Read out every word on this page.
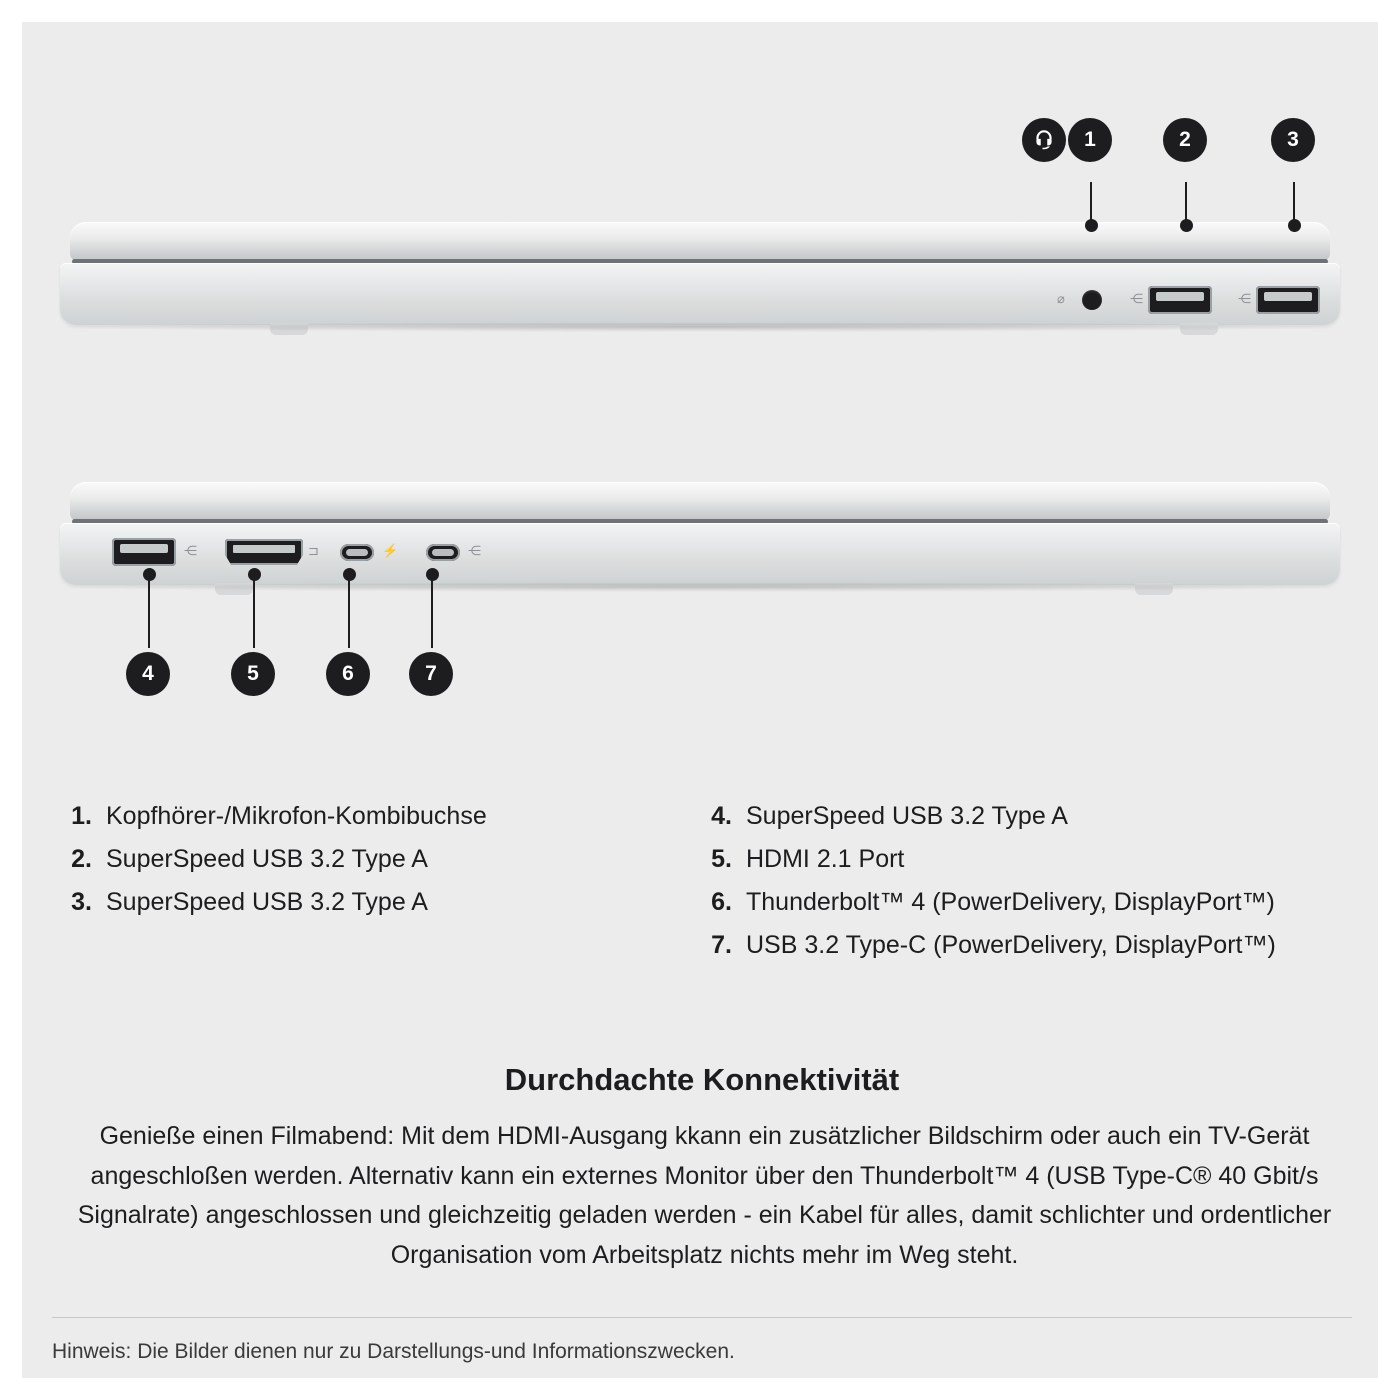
⌀	⋲	⋲
1	2	3
⋲	⊐	⚡	⋲
4	5	6	7
1. Kopfhörer-/Mikrofon-Kombibuchse
2. SuperSpeed USB 3.2 Type A
3. SuperSpeed USB 3.2 Type A
4. SuperSpeed USB 3.2 Type A
5. HDMI 2.1 Port
6. Thunderbolt™ 4 (PowerDelivery, DisplayPort™)
7. USB 3.2 Type-C (PowerDelivery, DisplayPort™)
Durchdachte Konnektivität
Genieße einen Filmabend: Mit dem HDMI-Ausgang kkann ein zusätzlicher Bildschirm oder auch ein TV-Gerät angeschloßen werden. Alternativ kann ein externes Monitor über den Thunderbolt™ 4 (USB Type-C® 40 Gbit/s Signalrate) angeschlossen und gleichzeitig geladen werden - ein Kabel für alles, damit schlichter und ordentlicher Organisation vom Arbeitsplatz nichts mehr im Weg steht.
Hinweis: Die Bilder dienen nur zu Darstellungs-und Informationszwecken.
